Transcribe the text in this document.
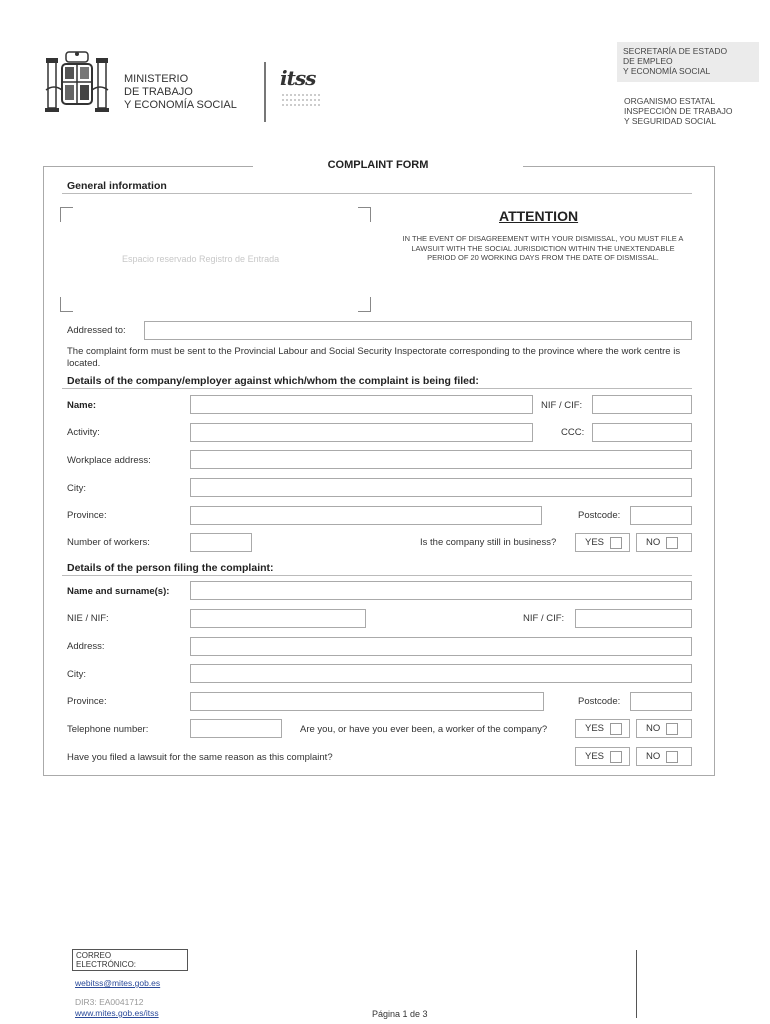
MINISTERIO
DE TRABAJO
Y ECONOMÍA SOCIAL
itss
SECRETARÍA DE ESTADO
DE EMPLEO
Y ECONOMÍA SOCIAL
ORGANISMO ESTATAL
INSPECCIÓN DE TRABAJO
Y SEGURIDAD SOCIAL
COMPLAINT FORM
General information
Espacio reservado Registro de Entrada
ATTENTION
IN THE EVENT OF DISAGREEMENT WITH YOUR DISMISSAL, YOU MUST FILE A LAWSUIT WITH THE SOCIAL JURISDICTION WITHIN THE UNEXTENDABLE PERIOD OF 20 WORKING DAYS FROM THE DATE OF DISMISSAL.
Addressed to:
The complaint form must be sent to the Provincial Labour and Social Security Inspectorate corresponding to the province where the work centre is located.
Details of the company/employer against which/whom the complaint is being filed:
Name:	NIF / CIF:
Activity:	CCC:
Workplace address:
City:
Province:	Postcode:
Number of workers:	Is the company still in business?	YES	NO
Details of the person filing the complaint:
Name and surname(s):
NIE / NIF:	NIF / CIF:
Address:
City:
Province:	Postcode:
Telephone number:	Are you, or have you ever been, a worker of the company?	YES	NO
Have you filed a lawsuit for the same reason as this complaint?	YES	NO
CORREO
ELECTRÓNICO:
webitss@mites.gob.es
DIR3: EA0041712
www.mites.gob.es/itss	Página 1 de 3
